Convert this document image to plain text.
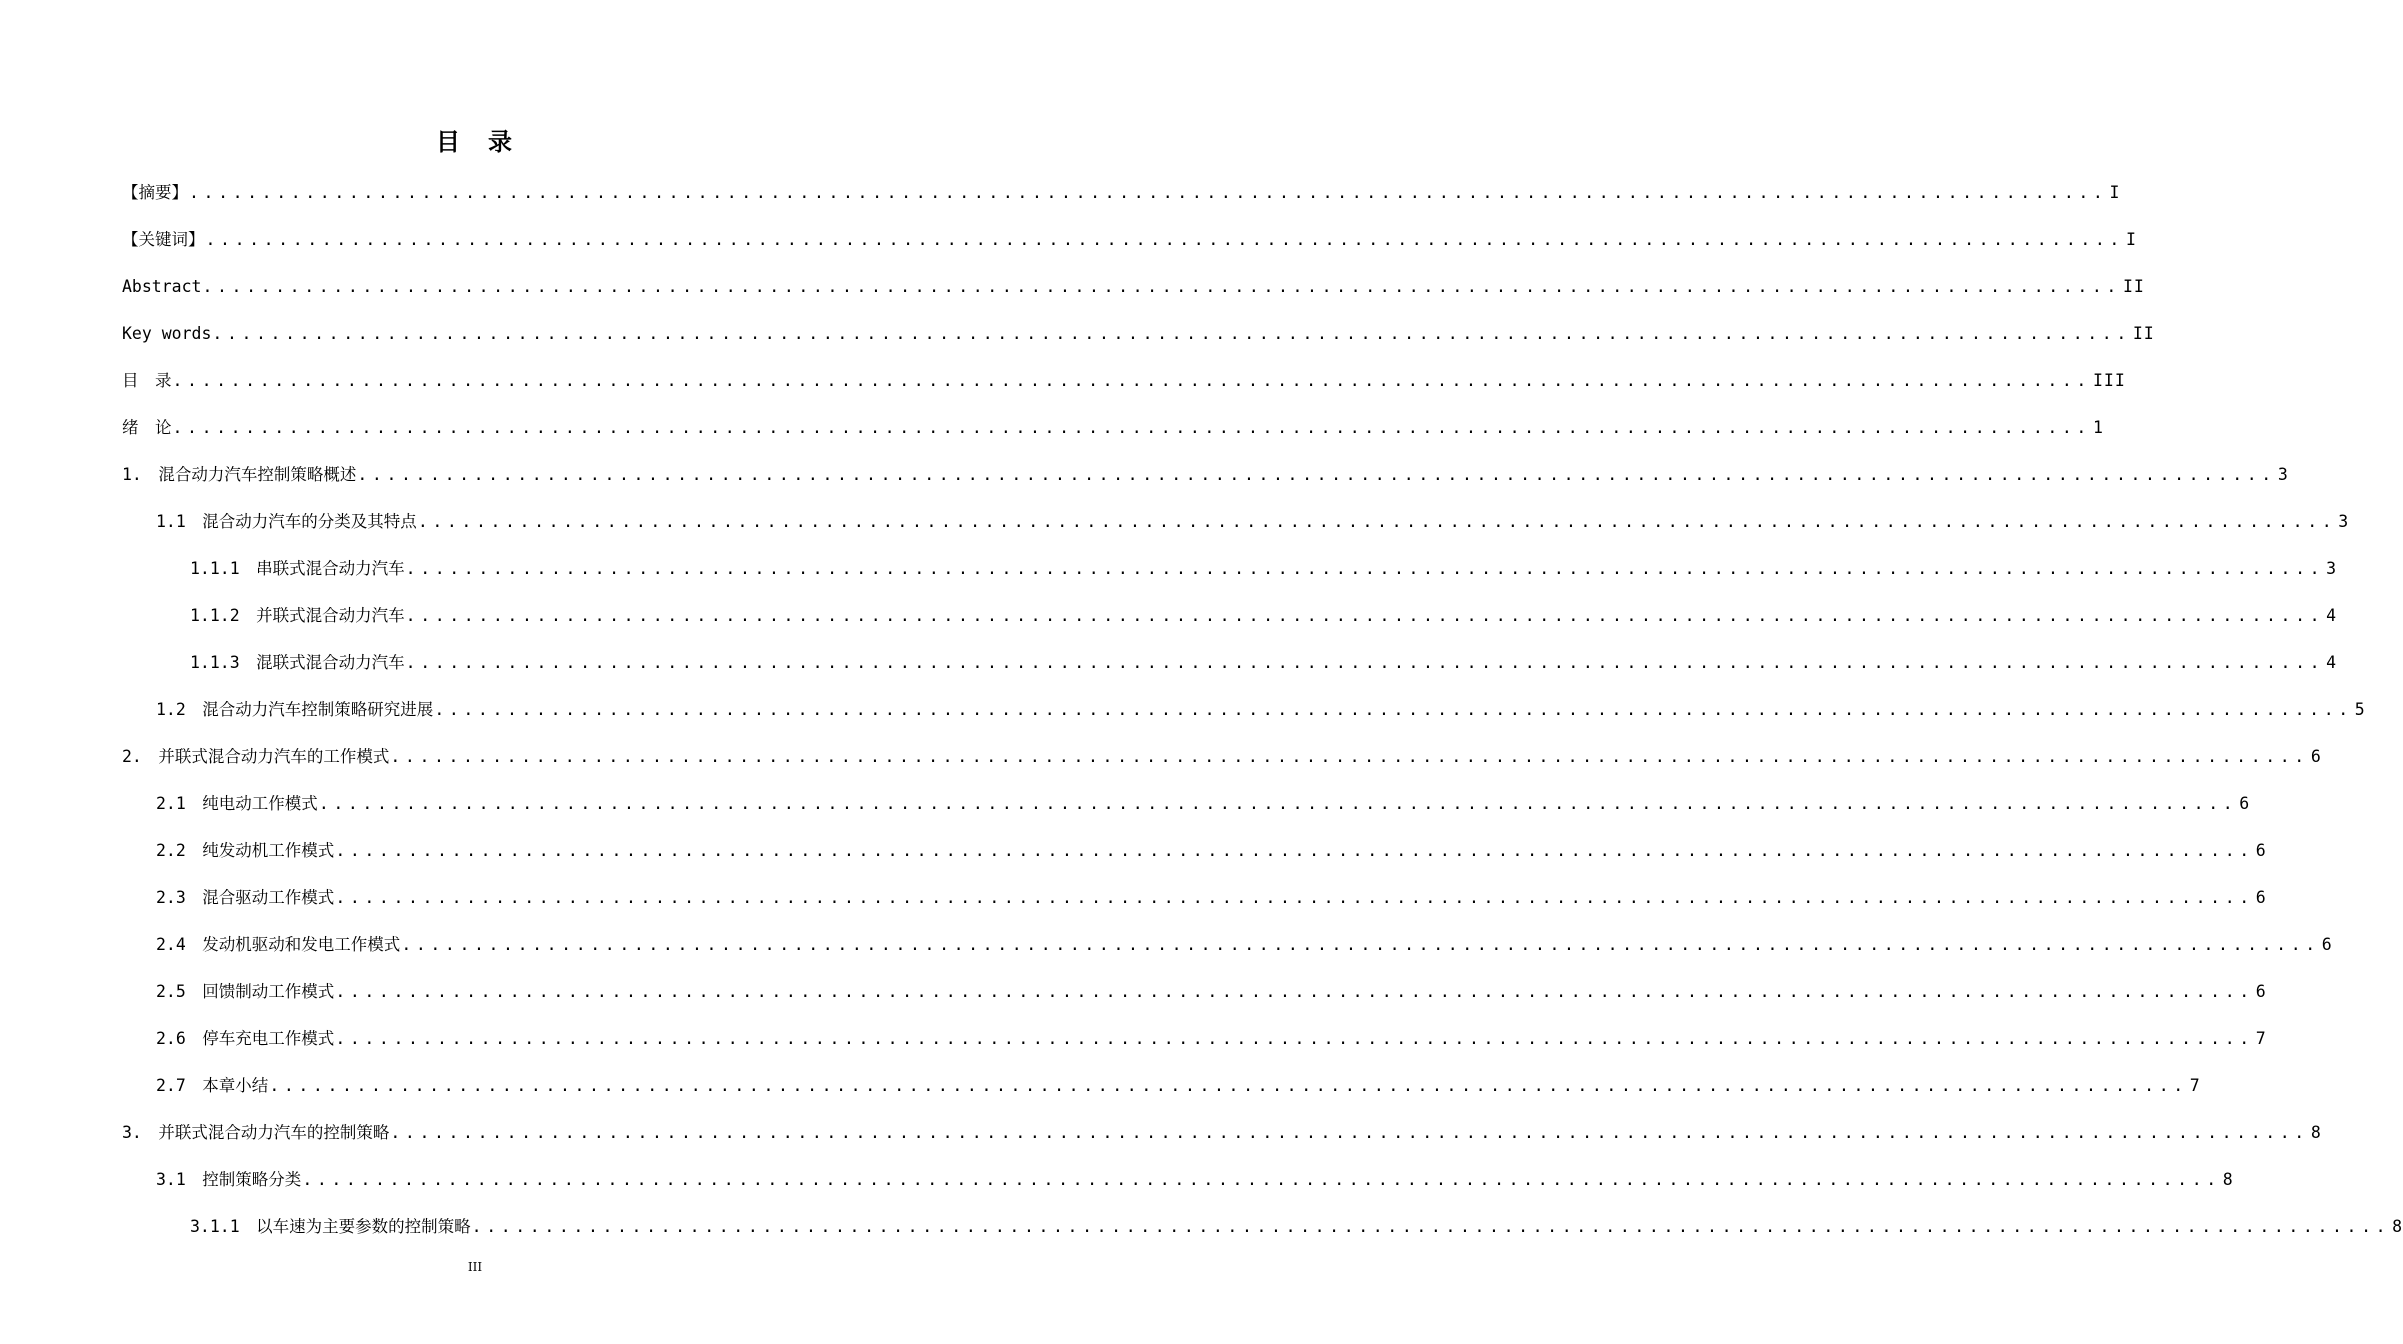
目　录
【摘要】 .................................................................................................................................... I
【关键词】 .................................................................................................................................... I
Abstract .................................................................................................................................... II
Key words .................................................................................................................................... II
目　录 .................................................................................................................................... III
绪　论 .................................................................................................................................... 1
1.　混合动力汽车控制策略概述 .................................................................................................................................... 3
1.1　混合动力汽车的分类及其特点 .................................................................................................................................... 3
1.1.1　串联式混合动力汽车 .................................................................................................................................... 3
1.1.2　并联式混合动力汽车 .................................................................................................................................... 4
1.1.3　混联式混合动力汽车 .................................................................................................................................... 4
1.2　混合动力汽车控制策略研究进展 .................................................................................................................................... 5
2.　并联式混合动力汽车的工作模式 .................................................................................................................................... 6
2.1　纯电动工作模式 .................................................................................................................................... 6
2.2　纯发动机工作模式 .................................................................................................................................... 6
2.3　混合驱动工作模式 .................................................................................................................................... 6
2.4　发动机驱动和发电工作模式 .................................................................................................................................... 6
2.5　回馈制动工作模式 .................................................................................................................................... 6
2.6　停车充电工作模式 .................................................................................................................................... 7
2.7　本章小结 .................................................................................................................................... 7
3.　并联式混合动力汽车的控制策略 .................................................................................................................................... 8
3.1　控制策略分类 .................................................................................................................................... 8
3.1.1　以车速为主要参数的控制策略 .................................................................................................................................... 8
III
